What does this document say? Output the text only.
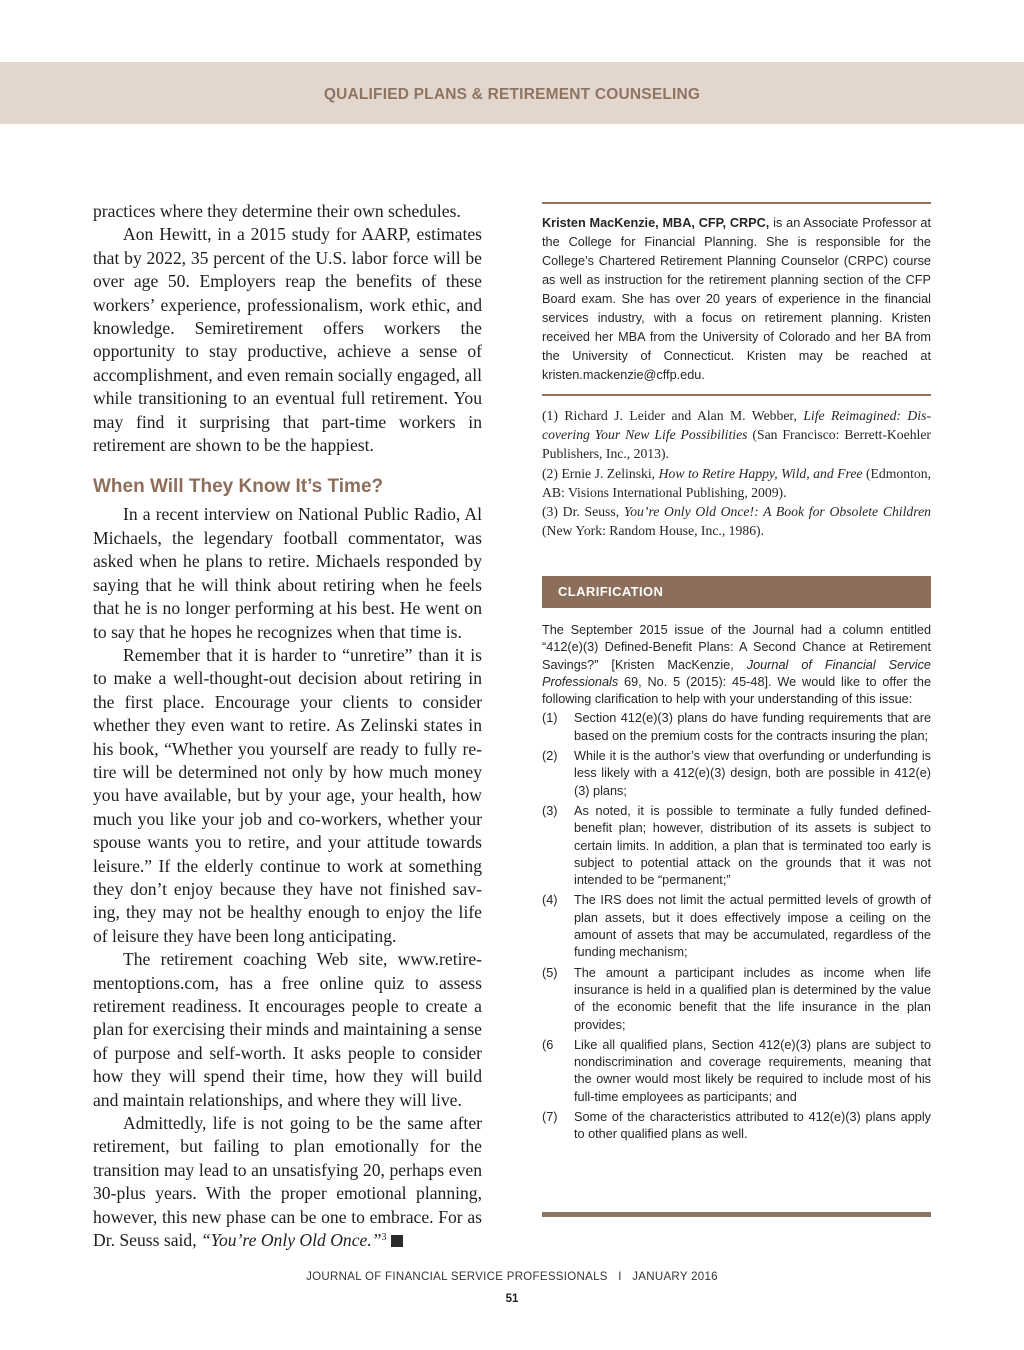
QUALIFIED PLANS & RETIREMENT COUNSELING

practices where they determine their own schedules.

Aon Hewitt, in a 2015 study for AARP, estimates that by 2022, 35 percent of the U.S. labor force will be over age 50. Employers reap the benefits of these workers’ experience, professionalism, work ethic, and knowledge. Semiretirement offers workers the opportunity to stay productive, achieve a sense of accomplishment, and even remain socially engaged, all while transitioning to an eventual full retirement. You may find it surprising that part-time workers in retirement are shown to be the happiest.

When Will They Know It’s Time?

In a recent interview on National Public Radio, Al Michaels, the legendary football commentator, was asked when he plans to retire. Michaels responded by saying that he will think about retiring when he feels that he is no longer performing at his best. He went on to say that he hopes he recognizes when that time is.

Remember that it is harder to “unretire” than it is to make a well-thought-out decision about retiring in the first place. Encourage your clients to consider whether they even want to retire. As Zelinski states in his book, “Whether you yourself are ready to fully retire will be determined not only by how much money you have available, but by your age, your health, how much you like your job and co-workers, whether your spouse wants you to retire, and your attitude towards leisure.” If the elderly continue to work at something they don’t enjoy because they have not finished saving, they may not be healthy enough to enjoy the life of leisure they have been long anticipating.

The retirement coaching Web site, www.retirementoptions.com, has a free online quiz to assess retirement readiness. It encourages people to create a plan for exercising their minds and maintaining a sense of purpose and self-worth. It asks people to consider how they will spend their time, how they will build and maintain relationships, and where they will live.

Admittedly, life is not going to be the same after retirement, but failing to plan emotionally for the transition may lead to an unsatisfying 20, perhaps even 30-plus years. With the proper emotional planning, however, this new phase can be one to embrace. For as Dr. Seuss said, “You’re Only Old Once.”$^3$

Kristen MacKenzie, MBA, CFP, CRPC, is an Associate Professor at the College for Financial Planning. She is responsible for the College’s Chartered Retirement Planning Counselor (CRPC) course as well as instruction for the retirement planning section of the CFP Board exam. She has over 20 years of experience in the financial services industry, with a focus on retirement planning. Kristen received her MBA from the University of Colorado and her BA from the University of Connecticut. Kristen may be reached at kristen.mackenzie@cffp.edu.

(1) Richard J. Leider and Alan M. Webber, Life Reimagined: Discovering Your New Life Possibilities (San Francisco: Berrett-Koehler Publishers, Inc., 2013).

(2) Ernie J. Zelinski, How to Retire Happy, Wild, and Free (Edmonton, AB: Visions International Publishing, 2009).

(3) Dr. Seuss, You’re Only Old Once!: A Book for Obsolete Children (New York: Random House, Inc., 1986).

CLARIFICATION

The September 2015 issue of the Journal had a column entitled “412(e)(3) Defined-Benefit Plans: A Second Chance at Retirement Savings?” [Kristen MacKenzie, Journal of Financial Service Professionals 69, No. 5 (2015): 45-48]. We would like to offer the following clarification to help with your understanding of this issue:

(1)	Section 412(e)(3) plans do have funding requirements that are based on the premium costs for the contracts insuring the plan;
(2)	While it is the author’s view that overfunding or underfunding is less likely with a 412(e)(3) design, both are possible in 412(e)(3) plans;
(3)	As noted, it is possible to terminate a fully funded defined-benefit plan; however, distribution of its assets is subject to certain limits. In addition, a plan that is terminated too early is subject to potential attack on the grounds that it was not intended to be “permanent;”
(4)	The IRS does not limit the actual permitted levels of growth of plan assets, but it does effectively impose a ceiling on the amount of assets that may be accumulated, regardless of the funding mechanism;
(5)	The amount a participant includes as income when life insurance is held in a qualified plan is determined by the value of the economic benefit that the life insurance in the plan provides;
(6	Like all qualified plans, Section 412(e)(3) plans are subject to nondiscrimination and coverage requirements, meaning that the owner would most likely be required to include most of his full-time employees as participants; and
(7)	Some of the characteristics attributed to 412(e)(3) plans apply to other qualified plans as well.
JOURNAL OF FINANCIAL SERVICE PROFESSIONALS   I   JANUARY 2016
51
